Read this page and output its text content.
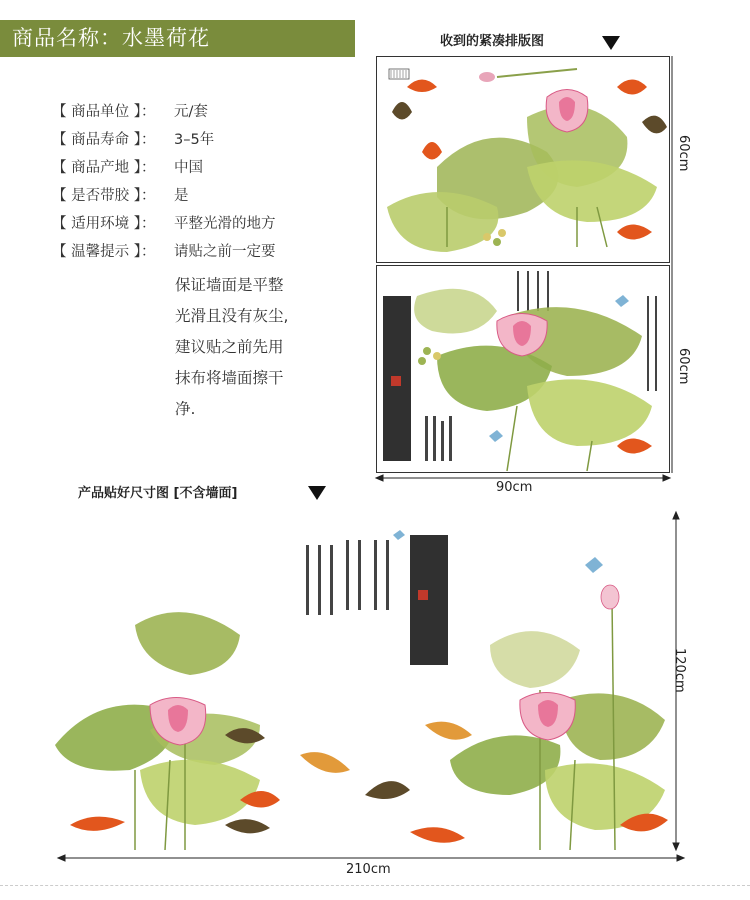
商品名称：水墨荷花
【 商品单位 】： 元/套
【 商品寿命 】： 3–5年
【 商品产地 】： 中国
【 是否带胶 】： 是
【 适用环境 】： 平整光滑的地方
【 温馨提示 】： 请贴之前一定要
保证墙面是平整
光滑且没有灰尘,
建议贴之前先用
抹布将墙面擦干
净.
收到的紧凑排版图
60cm
60cm
90cm
产品贴好尺寸图 [不含墙面]
120cm
210cm
